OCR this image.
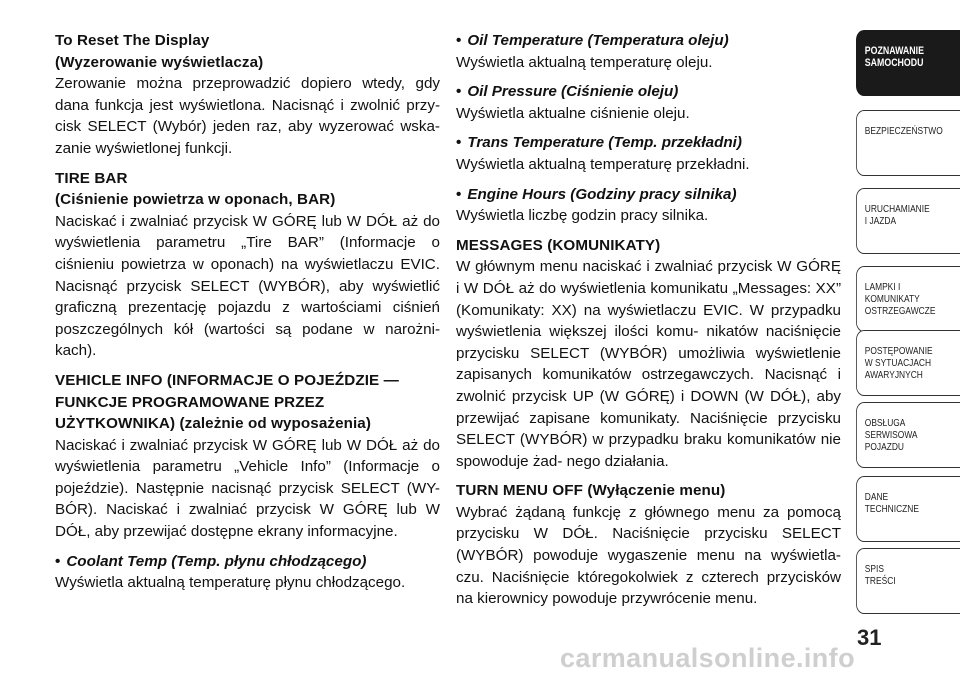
To Reset The Display
(Wyzerowanie wyświetlacza)
Zerowanie można przeprowadzić dopiero wtedy, gdy dana funkcja jest wyświetlona. Nacisnąć i zwolnić przy- cisk SELECT (Wybór) jeden raz, aby wyzerować wska- zanie wyświetlonej funkcji.
TIRE BAR
(Ciśnienie powietrza w oponach, BAR)
Naciskać i zwalniać przycisk W GÓRĘ lub W DÓŁ aż do wyświetlenia parametru „Tire BAR” (Informacje o ciśnieniu powietrza w oponach) na wyświetlaczu EVIC. Nacisnąć przycisk SELECT (WYBÓR), aby wyświetlić graficzną prezentację pojazdu z wartościami ciśnień poszczególnych kół (wartości są podane w narożni- kach).
VEHICLE INFO (INFORMACJE O POJEŹDZIE — FUNKCJE PROGRAMOWANE PRZEZ UŻYTKOWNIKA) (zależnie od wyposażenia)
Naciskać i zwalniać przycisk W GÓRĘ lub W DÓŁ aż do wyświetlenia parametru „Vehicle Info” (Informacje o pojeździe). Następnie nacisnąć przycisk SELECT (WY- BÓR). Naciskać i zwalniać przycisk W GÓRĘ lub W DÓŁ, aby przewijać dostępne ekrany informacyjne.
• Coolant Temp (Temp. płynu chłodzącego)
Wyświetla aktualną temperaturę płynu chłodzącego.
• Oil Temperature (Temperatura oleju)
Wyświetla aktualną temperaturę oleju.
• Oil Pressure (Ciśnienie oleju)
Wyświetla aktualne ciśnienie oleju.
• Trans Temperature (Temp. przekładni)
Wyświetla aktualną temperaturę przekładni.
• Engine Hours (Godziny pracy silnika)
Wyświetla liczbę godzin pracy silnika.
MESSAGES (KOMUNIKATY)
W głównym menu naciskać i zwalniać przycisk W GÓRĘ i W DÓŁ aż do wyświetlenia komunikatu „Messages: XX” (Komunikaty: XX) na wyświetlaczu EVIC. W przypadku wyświetlenia większej ilości komu- nikatów naciśnięcie przycisku SELECT (WYBÓR) umożliwia wyświetlenie zapisanych komunikatów ostrzegawczych. Nacisnąć i zwolnić przycisk UP (W GÓRĘ) i DOWN (W DÓŁ), aby przewijać zapisane komunikaty. Naciśnięcie przycisku SELECT (WYBÓR) w przypadku braku komunikatów nie spowoduje żad- nego działania.
TURN MENU OFF (Wyłączenie menu)
Wybrać żądaną funkcję z głównego menu za pomocą przycisku W DÓŁ. Naciśnięcie przycisku SELECT (WYBÓR) powoduje wygaszenie menu na wyświetla- czu. Naciśnięcie któregokolwiek z czterech przycisków na kierownicy powoduje przywrócenie menu.
POZNAWANIE
SAMOCHODU
BEZPIECZEŃSTWO
URUCHAMIANIE
I JAZDA
LAMPKI I
KOMUNIKATY
OSTRZEGAWCZE
POSTĘPOWANIE
W SYTUACJACH
AWARYJNYCH
OBSŁUGA
SERWISOWA
POJAZDU
DANE
TECHNICZNE
SPIS
TREŚCI
31
carmanualsonline.info
